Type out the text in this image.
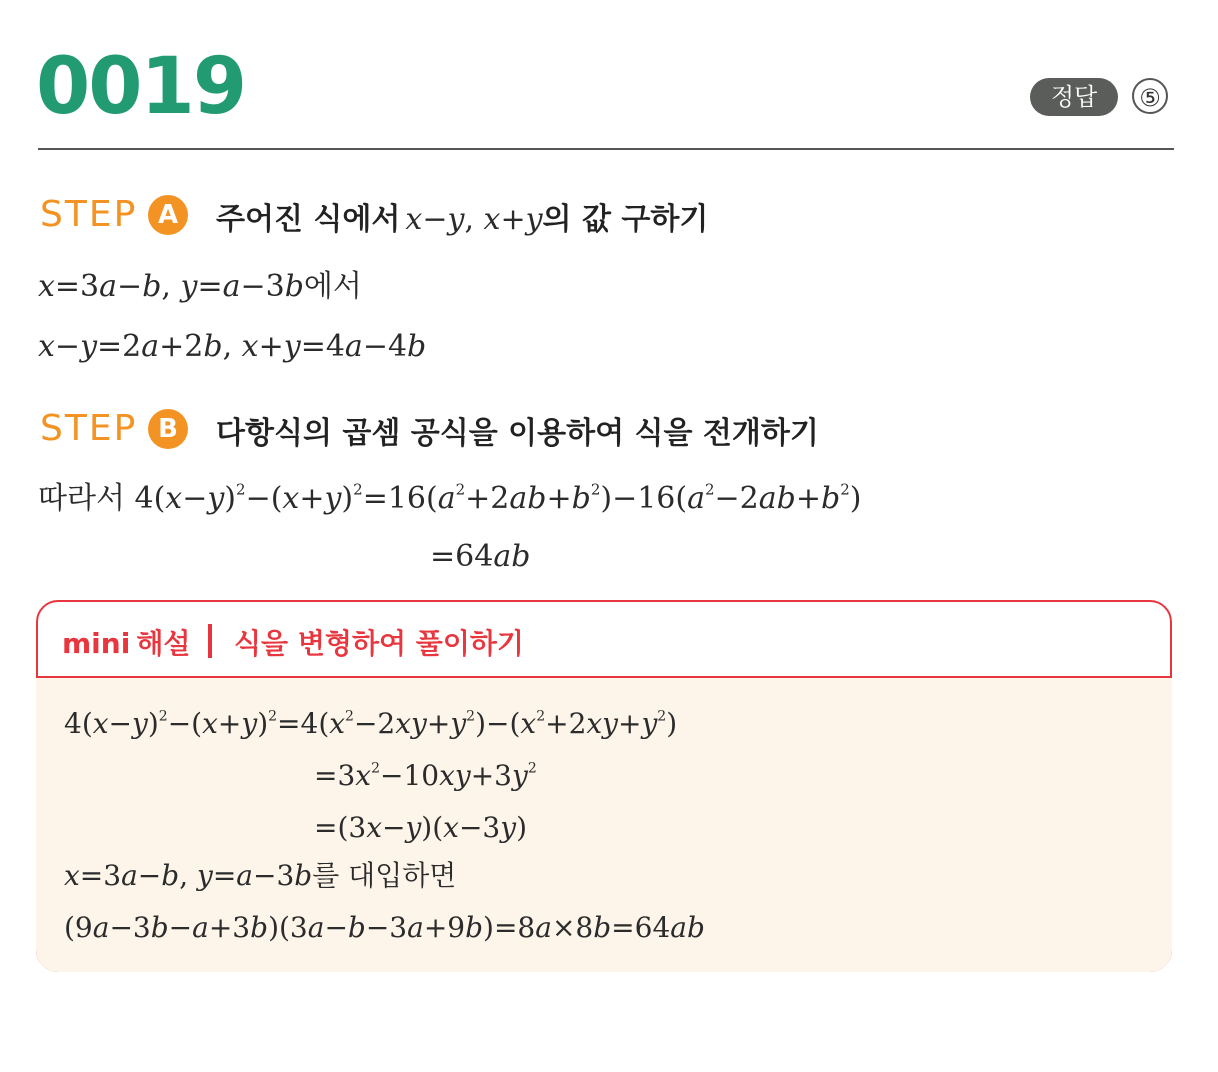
0019	정답	⑤
STEP A	주어진 식에서 x−y, x+y의 값 구하기
x=3a−b, y=a−3b에서
x−y=2a+2b, x+y=4a−4b
STEP B	다항식의 곱셈 공식을 이용하여 식을 전개하기
따라서 $4(x-y)^2-(x+y)^2=16(a^2+2ab+b^2)-16(a^2-2ab+b^2)$
=64ab
mini 해설 식을 변형하여 풀이하기
$4(x-y)^2-(x+y)^2=4(x^2-2xy+y^2)-(x^2+2xy+y^2)$
$=3x^2-10xy+3y^2$
=(3x−y)(x−3y)
x=3a−b, y=a−3b를 대입하면
(9a−3b−a+3b)(3a−b−3a+9b)=8a×8b=64ab
